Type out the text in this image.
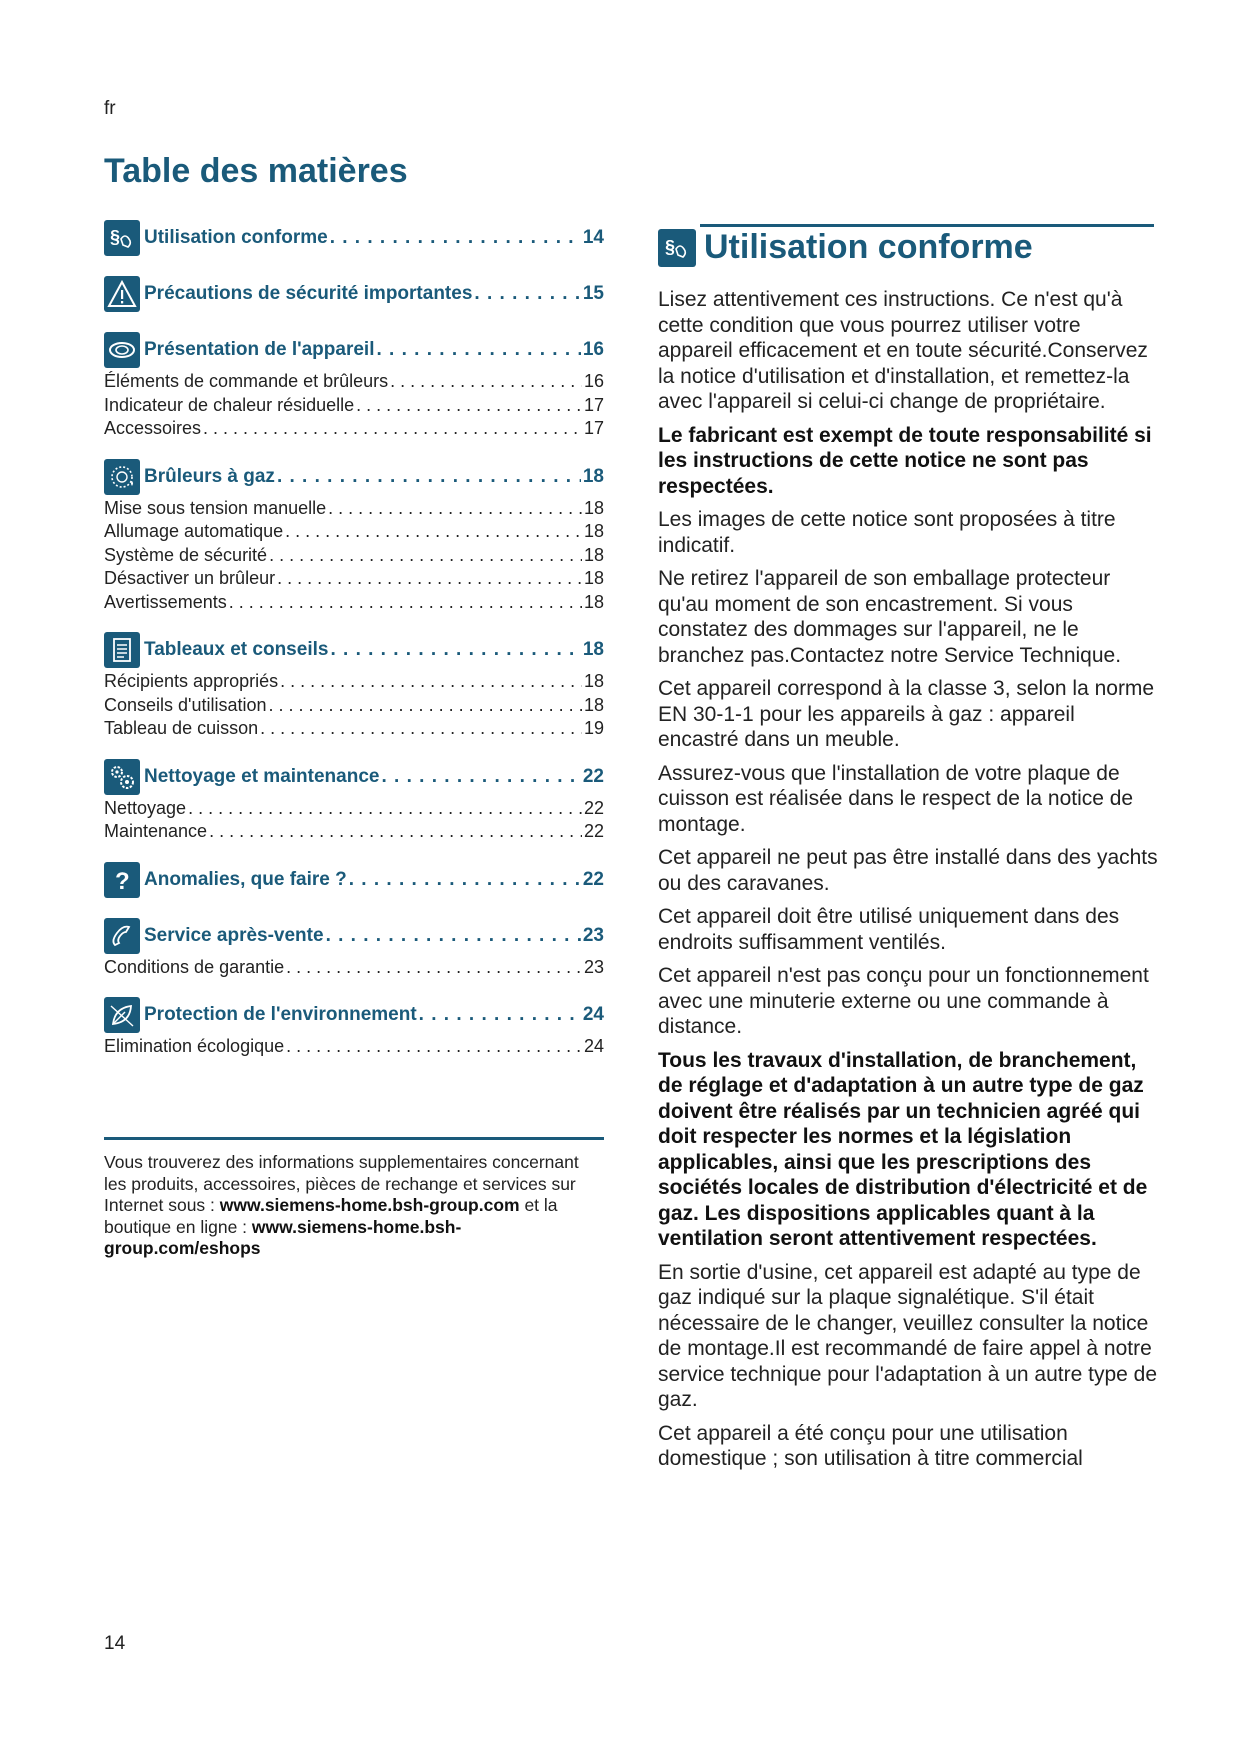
fr
Table des matières
§ Utilisation conforme . . .	14
Précautions de sécurité importantes . . .	15
Présentation de l'appareil . . .	16
Éléments de commande et brûleurs . . .	16
Indicateur de chaleur résiduelle . . .	17
Accessoires . . .	17
Brûleurs à gaz . . .	18
Mise sous tension manuelle . . .	18
Allumage automatique . . .	18
Système de sécurité . . .	18
Désactiver un brûleur . . .	18
Avertissements . . .	18
Tableaux et conseils . . .	18
Récipients appropriés . . .	18
Conseils d'utilisation . . .	18
Tableau de cuisson . . .	19
Nettoyage et maintenance . . .	22
Nettoyage . . .	22
Maintenance . . .	22
? Anomalies, que faire ? . . .	22
Service après-vente . . .	23
Conditions de garantie . . .	23
Protection de l'environnement . . .	24
Elimination écologique . . .	24
Vous trouverez des informations supplementaires concernant les produits, accessoires, pièces de rechange et services sur Internet sous : www.siemens-home.bsh-group.com et la boutique en ligne : www.siemens-home.bsh-group.com/eshops
§ Utilisation conforme

Lisez attentivement ces instructions. Ce n'est qu'à cette condition que vous pourrez utiliser votre appareil efficacement et en toute sécurité.Conservez la notice d'utilisation et d'installation, et remettez-la avec l'appareil si celui-ci change de propriétaire.

Le fabricant est exempt de toute responsabilité si les instructions de cette notice ne sont pas respectées.

Les images de cette notice sont proposées à titre indicatif.

Ne retirez l'appareil de son emballage protecteur qu'au moment de son encastrement. Si vous constatez des dommages sur l'appareil, ne le branchez pas.Contactez notre Service Technique.

Cet appareil correspond à la classe 3, selon la norme EN 30-1-1 pour les appareils à gaz : appareil encastré dans un meuble.

Assurez-vous que l'installation de votre plaque de cuisson est réalisée dans le respect de la notice de montage.

Cet appareil ne peut pas être installé dans des yachts ou des caravanes.

Cet appareil doit être utilisé uniquement dans des endroits suffisamment ventilés.

Cet appareil n'est pas conçu pour un fonctionnement avec une minuterie externe ou une commande à distance.

Tous les travaux d'installation, de branchement, de réglage et d'adaptation à un autre type de gaz doivent être réalisés par un technicien agréé qui doit respecter les normes et la législation applicables, ainsi que les prescriptions des sociétés locales de distribution d'électricité et de gaz. Les dispositions applicables quant à la ventilation seront attentivement respectées.

En sortie d'usine, cet appareil est adapté au type de gaz indiqué sur la plaque signalétique. S'il était nécessaire de le changer, veuillez consulter la notice de montage.Il est recommandé de faire appel à notre service technique pour l'adaptation à un autre type de gaz.

Cet appareil a été conçu pour une utilisation domestique ; son utilisation à titre commercial

14
